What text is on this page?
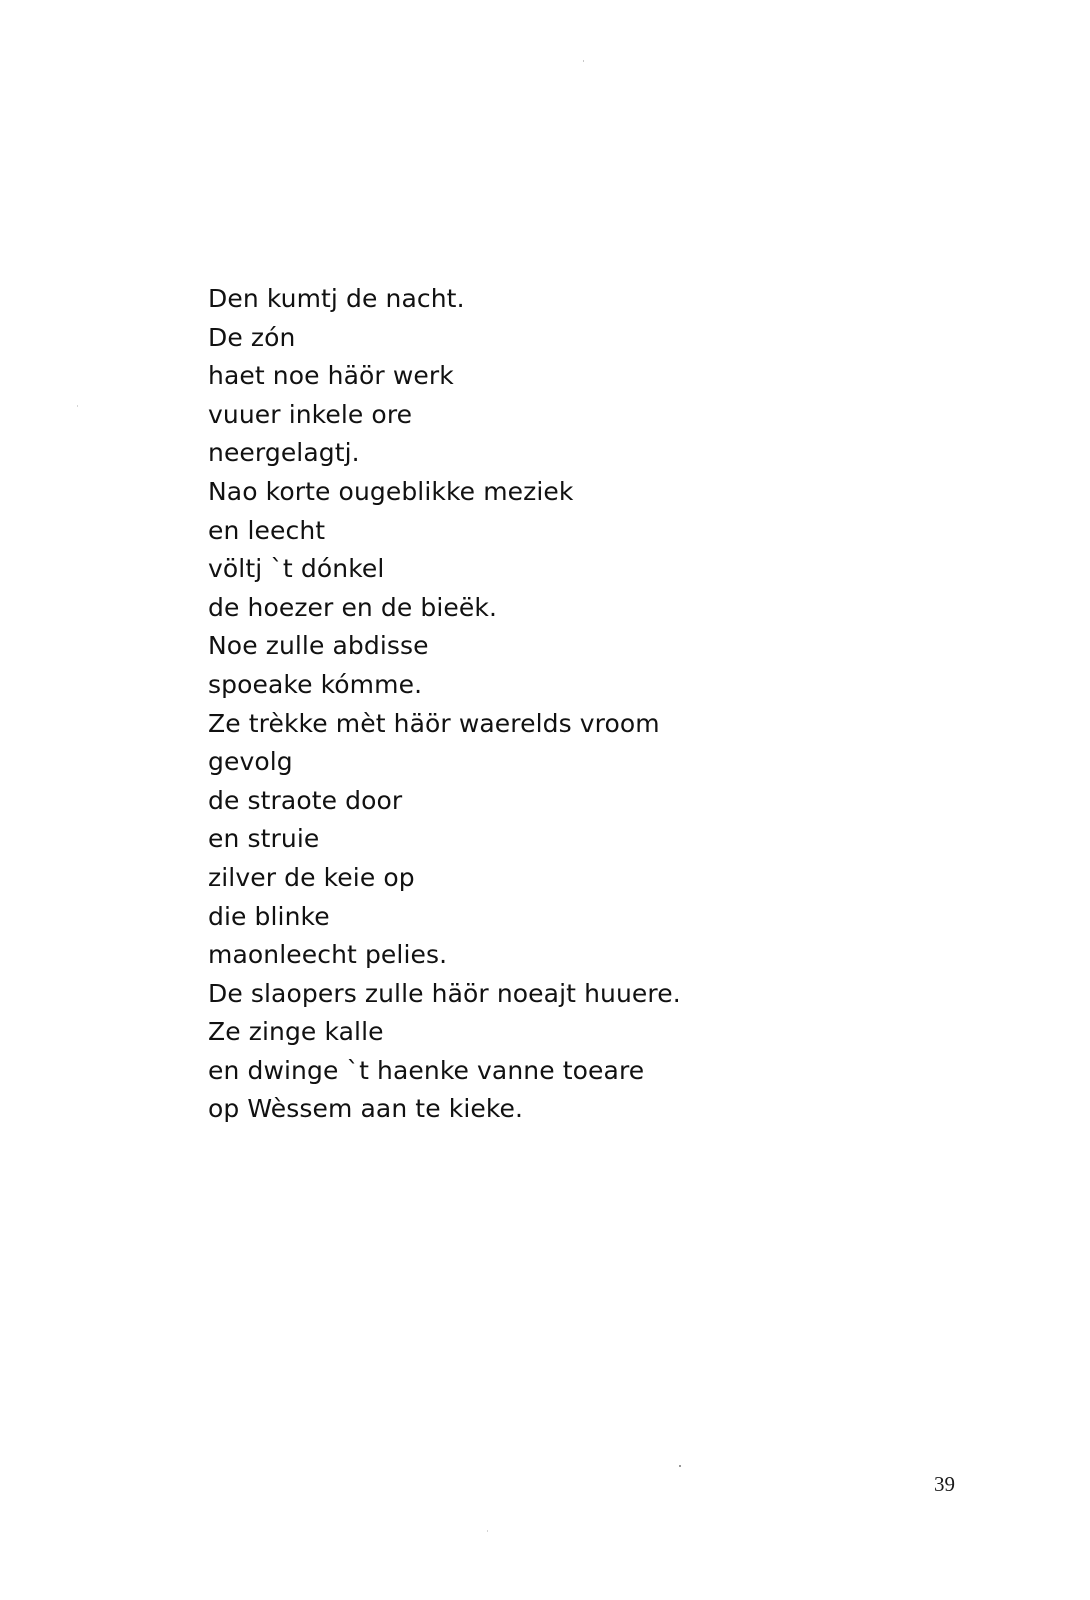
Den kumtj de nacht.
De zón
haet noe häör werk
vuuer inkele ore
neergelagtj.
Nao korte ougeblikke meziek
en leecht
völtj `t dónkel
de hoezer en de bieëk.
Noe zulle abdisse
spoeake kómme.
Ze trèkke mèt häör waerelds vroom
gevolg
de straote door
en struie
zilver de keie op
die blinke
maonleecht pelies.
De slaopers zulle häör noeajt huuere.
Ze zinge kalle
en dwinge `t haenke vanne toeare
op Wèssem aan te kieke.
39
